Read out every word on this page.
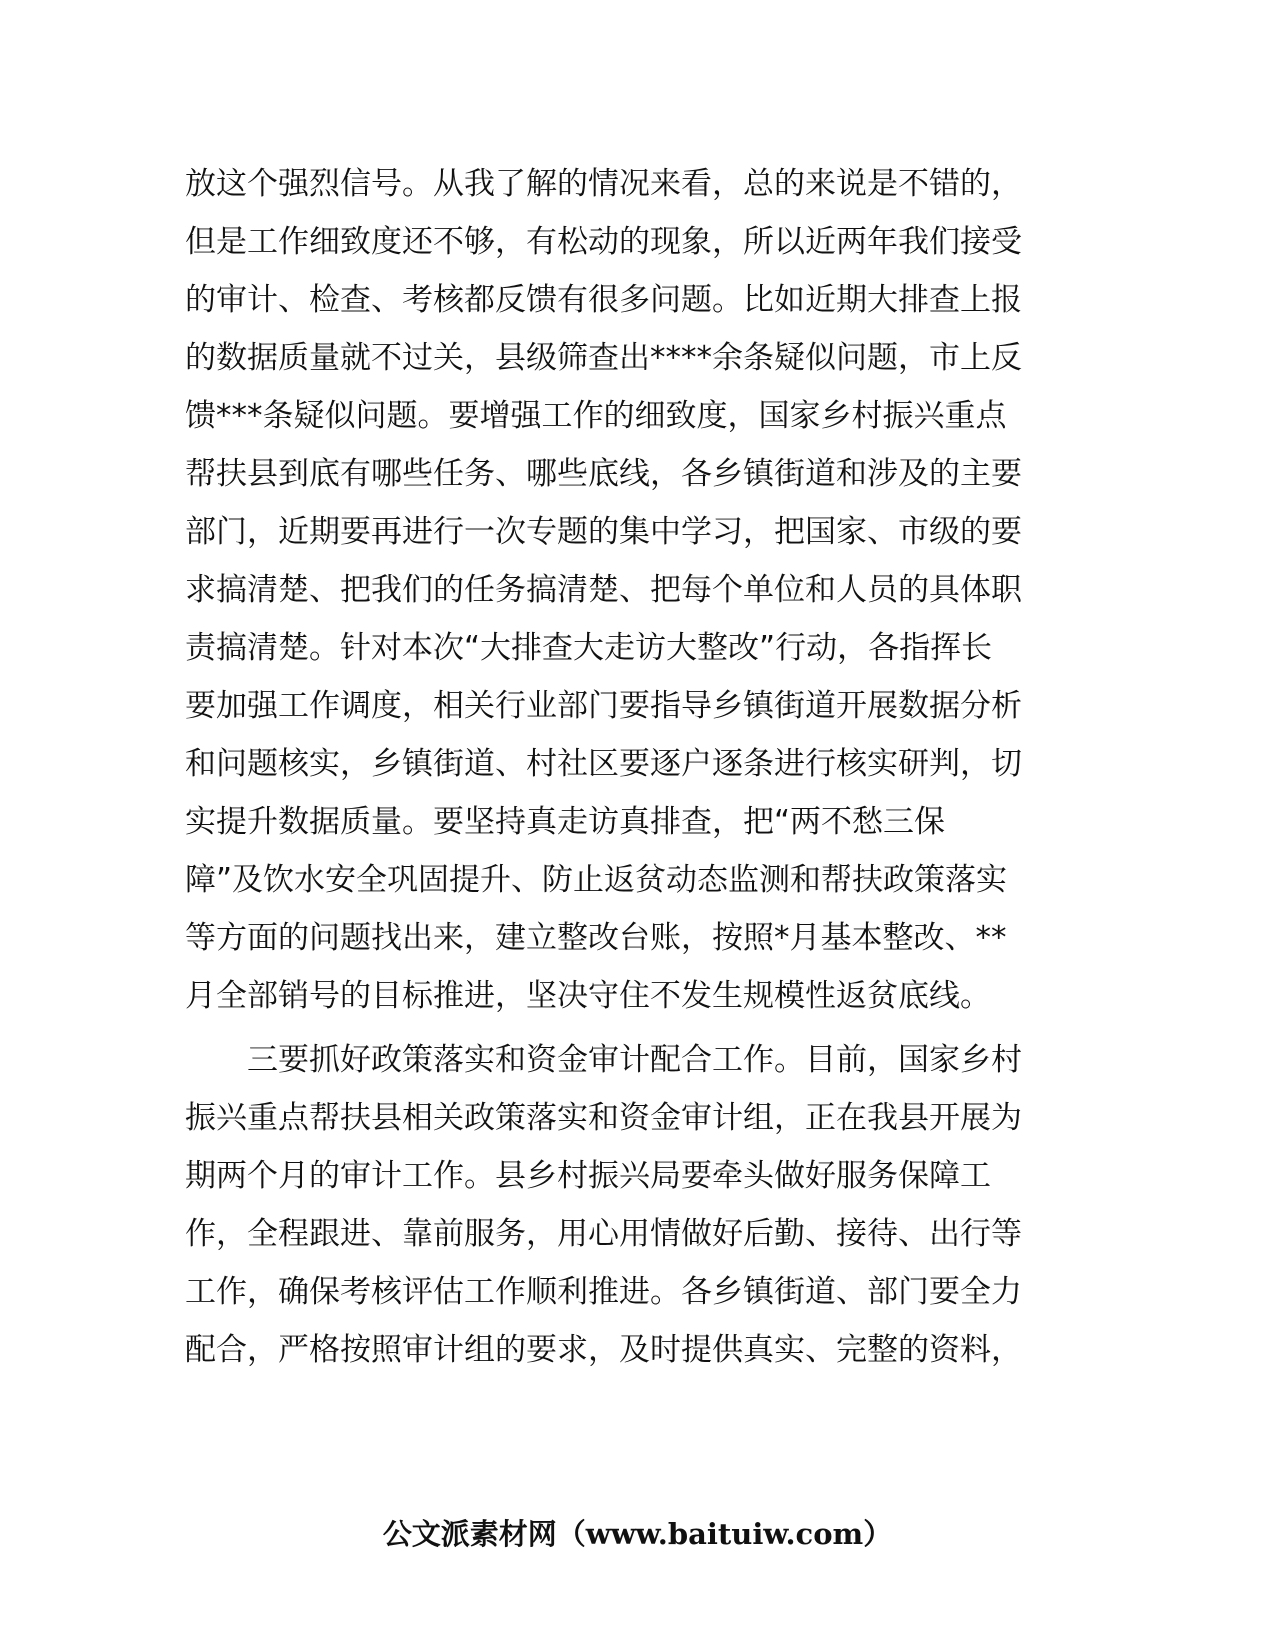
放这个强烈信号。从我了解的情况来看，总的来说是不错的，
但是工作细致度还不够，有松动的现象，所以近两年我们接受
的审计、检查、考核都反馈有很多问题。比如近期大排查上报
的数据质量就不过关，县级筛查出****余条疑似问题，市上反
馈***条疑似问题。要增强工作的细致度，国家乡村振兴重点
帮扶县到底有哪些任务、哪些底线，各乡镇街道和涉及的主要
部门，近期要再进行一次专题的集中学习，把国家、市级的要
求搞清楚、把我们的任务搞清楚、把每个单位和人员的具体职
责搞清楚。针对本次“大排查大走访大整改”行动，各指挥长
要加强工作调度，相关行业部门要指导乡镇街道开展数据分析
和问题核实，乡镇街道、村社区要逐户逐条进行核实研判，切
实提升数据质量。要坚持真走访真排查，把“两不愁三保
障”及饮水安全巩固提升、防止返贫动态监测和帮扶政策落实
等方面的问题找出来，建立整改台账，按照*月基本整改、**
月全部销号的目标推进，坚决守住不发生规模性返贫底线。
　　三要抓好政策落实和资金审计配合工作。目前，国家乡村
振兴重点帮扶县相关政策落实和资金审计组，正在我县开展为
期两个月的审计工作。县乡村振兴局要牵头做好服务保障工
作，全程跟进、靠前服务，用心用情做好后勤、接待、出行等
工作，确保考核评估工作顺利推进。各乡镇街道、部门要全力
配合，严格按照审计组的要求，及时提供真实、完整的资料，
公文派素材网（www.baituiw.com）
